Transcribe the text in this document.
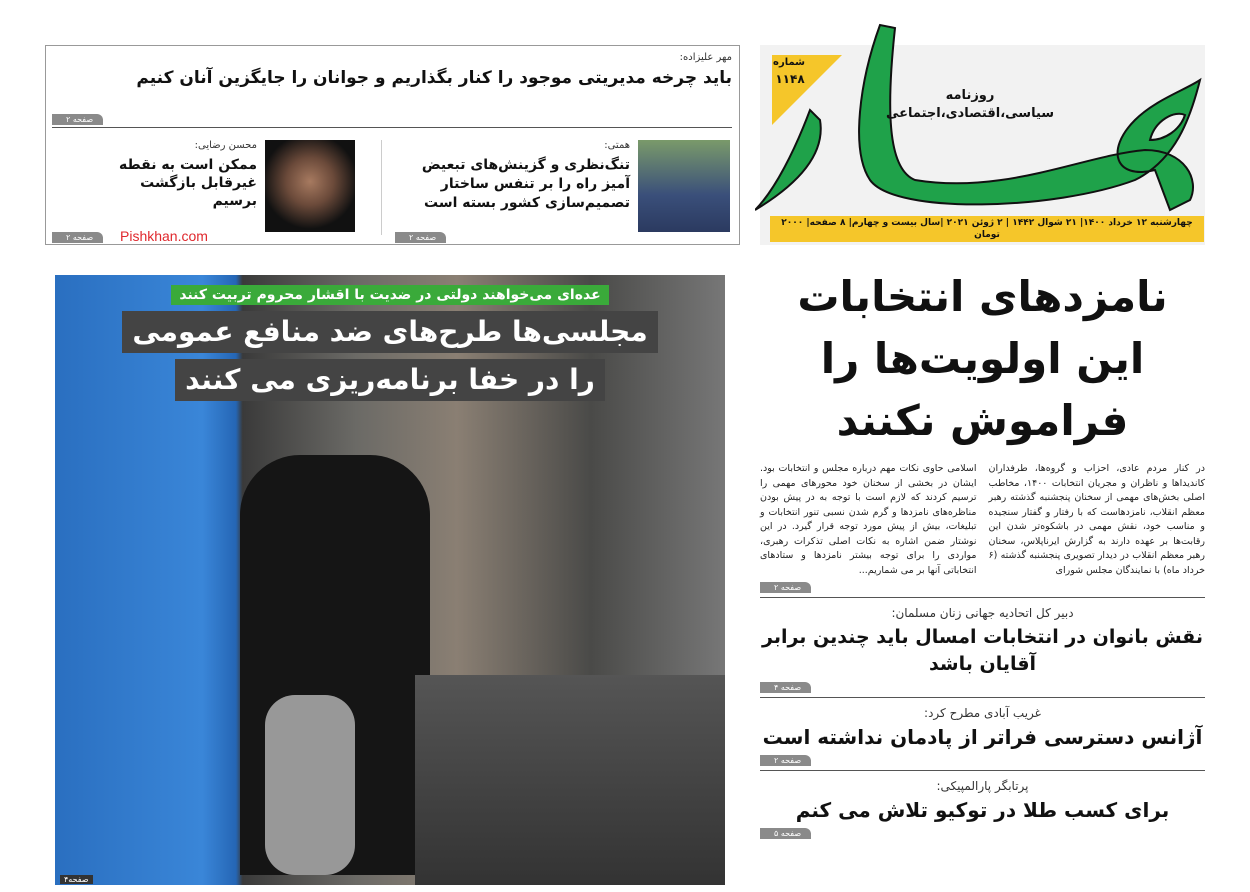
مهر علیزاده:
باید چرخه مدیریتی موجود را کنار بگذاریم و جوانان را جایگزین آنان کنیم
صفحه ۲
همتی:
تنگ‌نظری و گزینش‌های تبعیض آمیز راه را بر تنفس ساختار تصمیم‌سازی کشور بسته است
صفحه ۲
محسن رضایی:
ممکن است به نقطه غیرقابل بازگشت برسیم
صفحه ۲	Pishkhan.com
شماره
۱۱۴۸
روزنامه
سیاسی،اقتصادی،اجتماعی
چهارشنبه ۱۲ خرداد ۱۴۰۰| ۲۱ شوال ۱۴۴۲ | ۲ ژوئن ۲۰۲۱ |سال بیست و چهارم| ۸ صفحه| ۲۰۰۰ تومان
عده‌ای می‌خواهند دولتی در ضدیت با اقشار محروم تربیت کنند
مجلسی‌ها طرح‌های ضد منافع عمومی
را در خفا برنامه‌ریزی می کنند
صفحه۴
نامزدهای انتخابات
این اولویت‌ها را
فراموش نکنند
در کنار مردم عادی، احزاب و گروه‌ها، طرفداران کاندیداها و ناظران و مجریان انتخابات ۱۴۰۰، مخاطب اصلی بخش‌های مهمی از سخنان پنجشنبه گذشته رهبر معظم انقلاب، نامزدهاست که با رفتار و گفتار سنجیده و مناسب خود، نقش مهمی در باشکوه‌تر شدن این رقابت‌ها بر عهده دارند به گزارش ایرناپلاس، سخنان رهبر معظم انقلاب در دیدار تصویری پنجشنبه گذشته (۶ خرداد ماه) با نمایندگان مجلس شورای
اسلامی حاوی نکات مهم درباره مجلس و انتخابات بود. ایشان در بخشی از سخنان خود محورهای مهمی را ترسیم کردند که لازم است با توجه به در پیش بودن مناظره‌های نامزدها و گرم شدن نسبی تنور انتخابات و تبلیغات، بیش از پیش مورد توجه قرار گیرد. در این نوشتار ضمن اشاره به نکات اصلی تذکرات رهبری، مواردی را برای توجه بیشتر نامزدها و ستادهای انتخاباتی آنها بر می شماریم...
صفحه ۲
دبیر کل اتحادیه جهانی زنان مسلمان:
نقش بانوان در انتخابات امسال باید چندین برابر آقایان باشد
صفحه ۴
غریب آبادی مطرح کرد:
آژانس دسترسی فراتر از پادمان نداشته است
صفحه ۲
پرتابگر پارالمپیکی:
برای کسب طلا در توکیو تلاش می کنم
صفحه ۵
